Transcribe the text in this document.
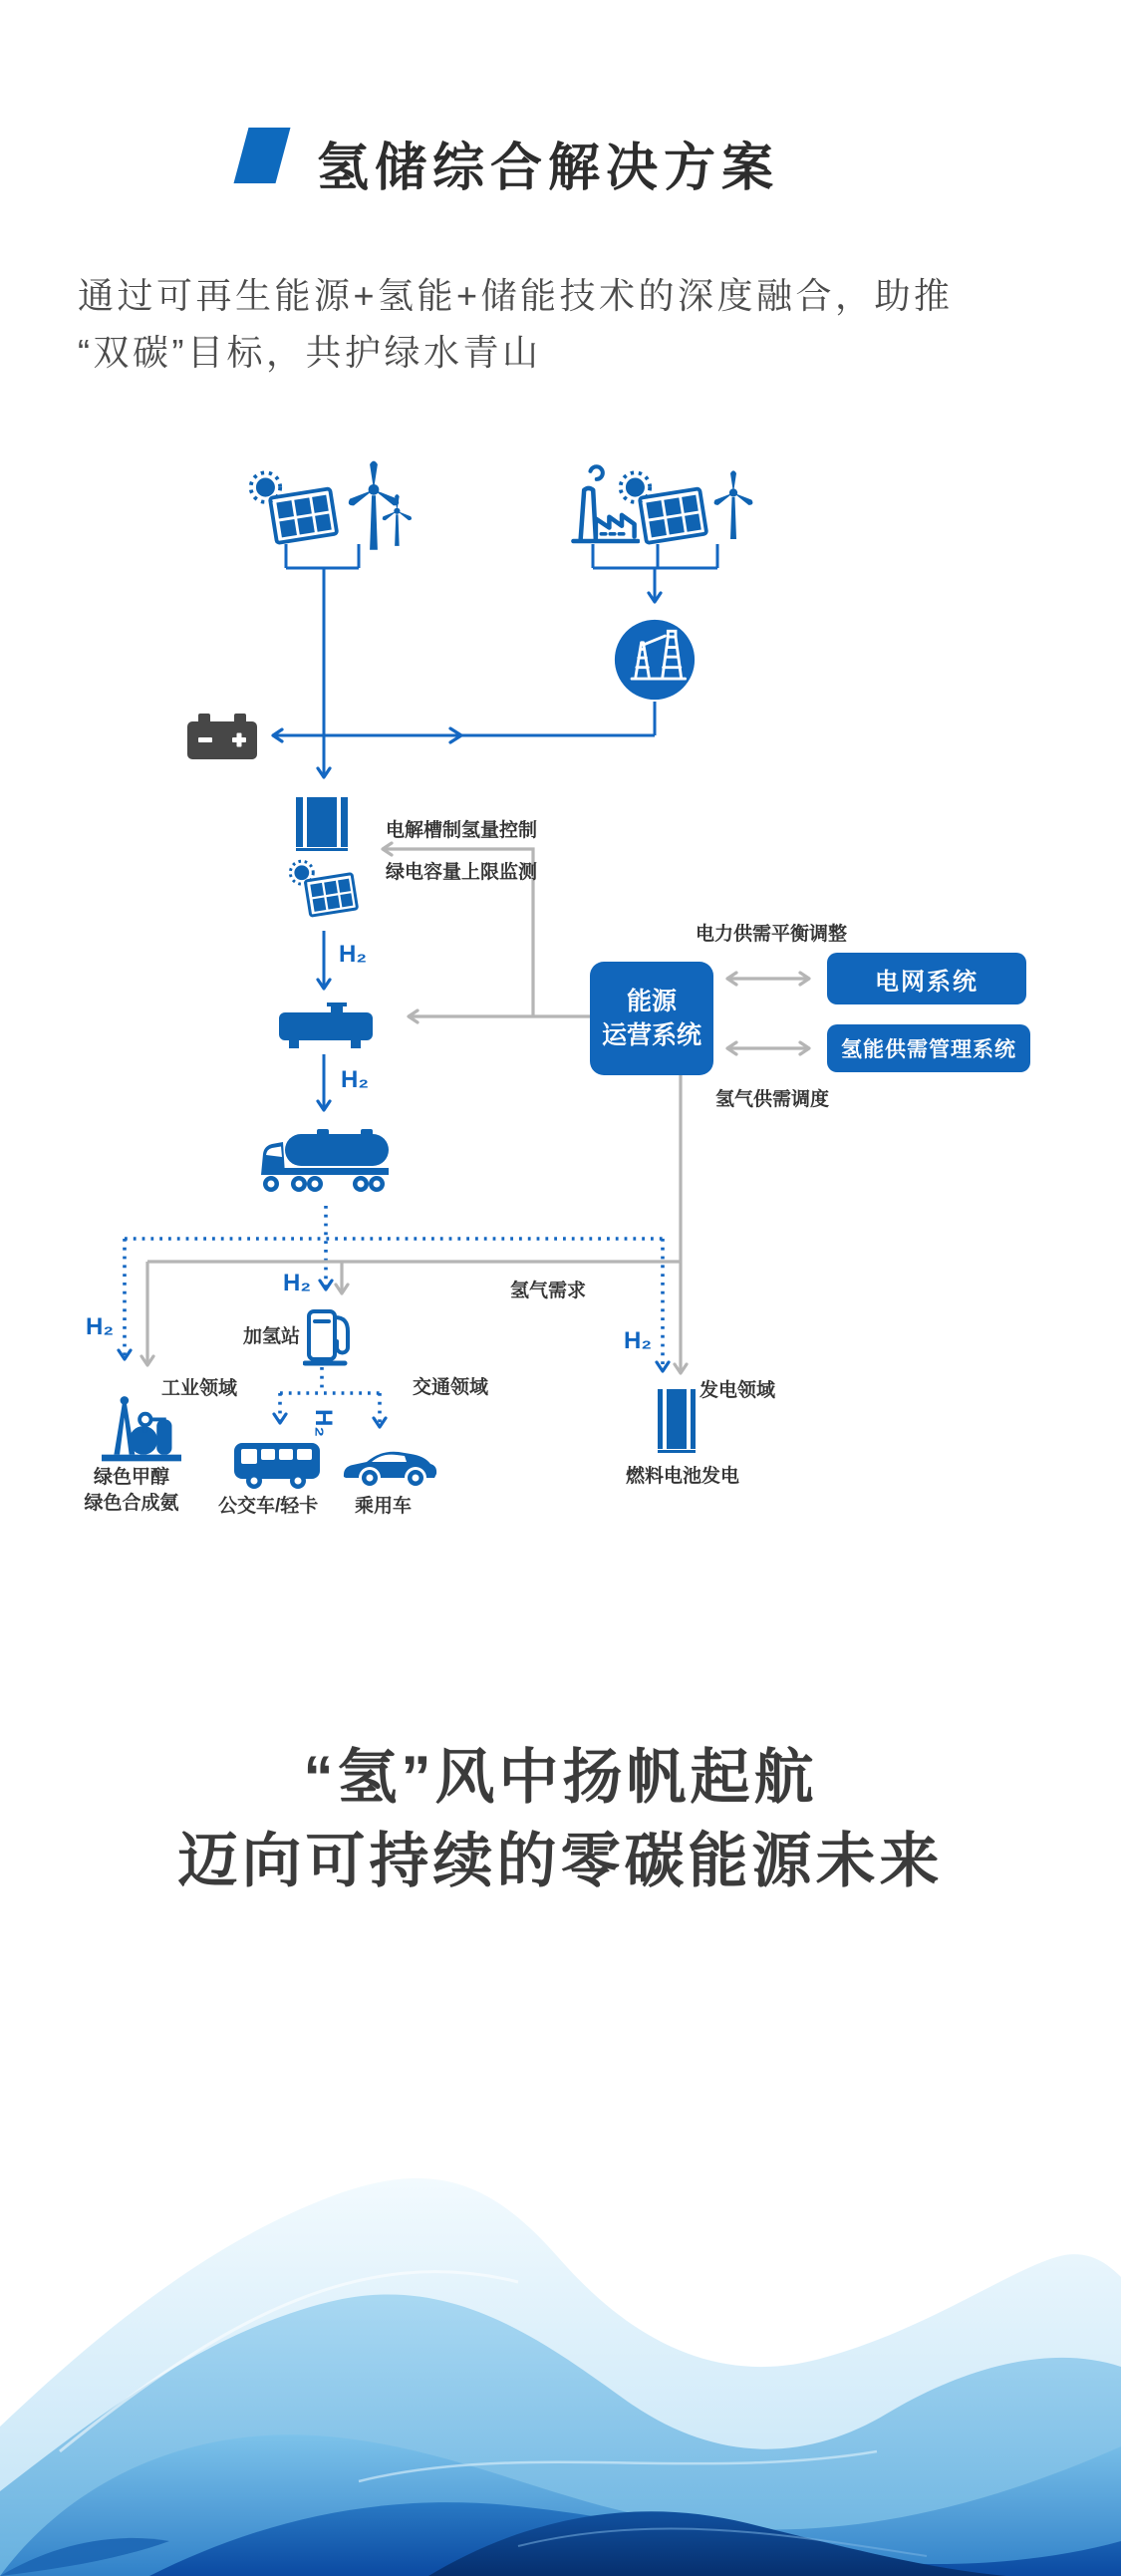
氢储综合解决方案
通过可再生能源+氢能+储能技术的深度融合，助推
“双碳”目标，共护绿水青山
能源
运营系统
电网系统
氢能供需管理系统
电解槽制氢量控制
绿电容量上限监测
电力供需平衡调整
氢气供需调度
氢气需求
加氢站
工业领域	交通领域	发电领域
绿色甲醇
绿色合成氨	公交车/轻卡 乘用车
燃料电池发电
H₂
H₂
H₂
H₂
H₂
H₂
“氢”风中扬帆起航
迈向可持续的零碳能源未来
